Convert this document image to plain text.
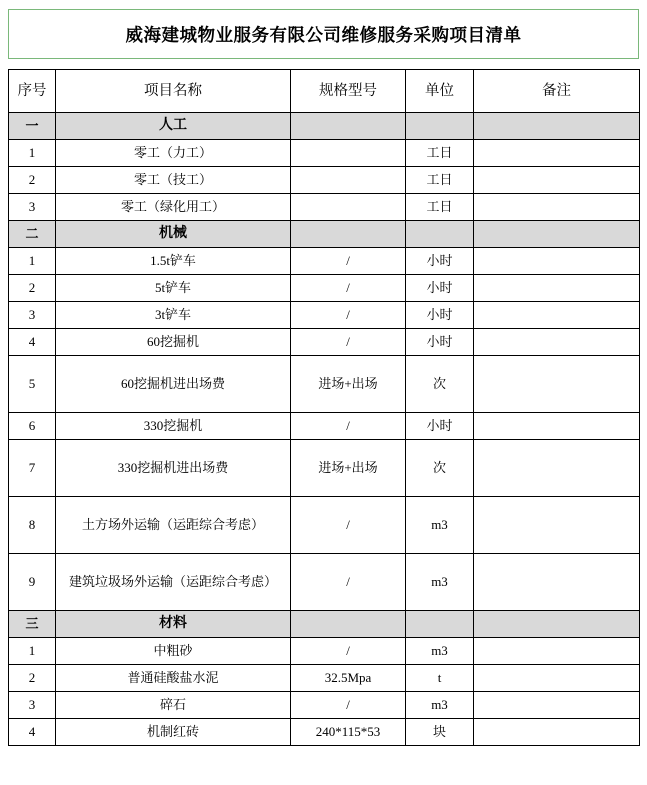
威海建城物业服务有限公司维修服务采购项目清单
序号	项目名称	规格型号	单位	备注
一	人工			
1	零工（力工）		工日	
2	零工（技工）		工日	
3	零工（绿化用工）		工日	
二	机械			
1	1.5t铲车	/	小时	
2	5t铲车	/	小时	
3	3t铲车	/	小时	
4	60挖掘机	/	小时	
5	60挖掘机进出场费	进场+出场	次	
6	330挖掘机	/	小时	
7	330挖掘机进出场费	进场+出场	次	
8	土方场外运输（运距综合考虑）	/	m3	
9	建筑垃圾场外运输（运距综合考虑）	/	m3	
三	材料			
1	中粗砂	/	m3	
2	普通硅酸盐水泥	32.5Mpa	t	
3	碎石	/	m3	
4	机制红砖	240*115*53	块	
